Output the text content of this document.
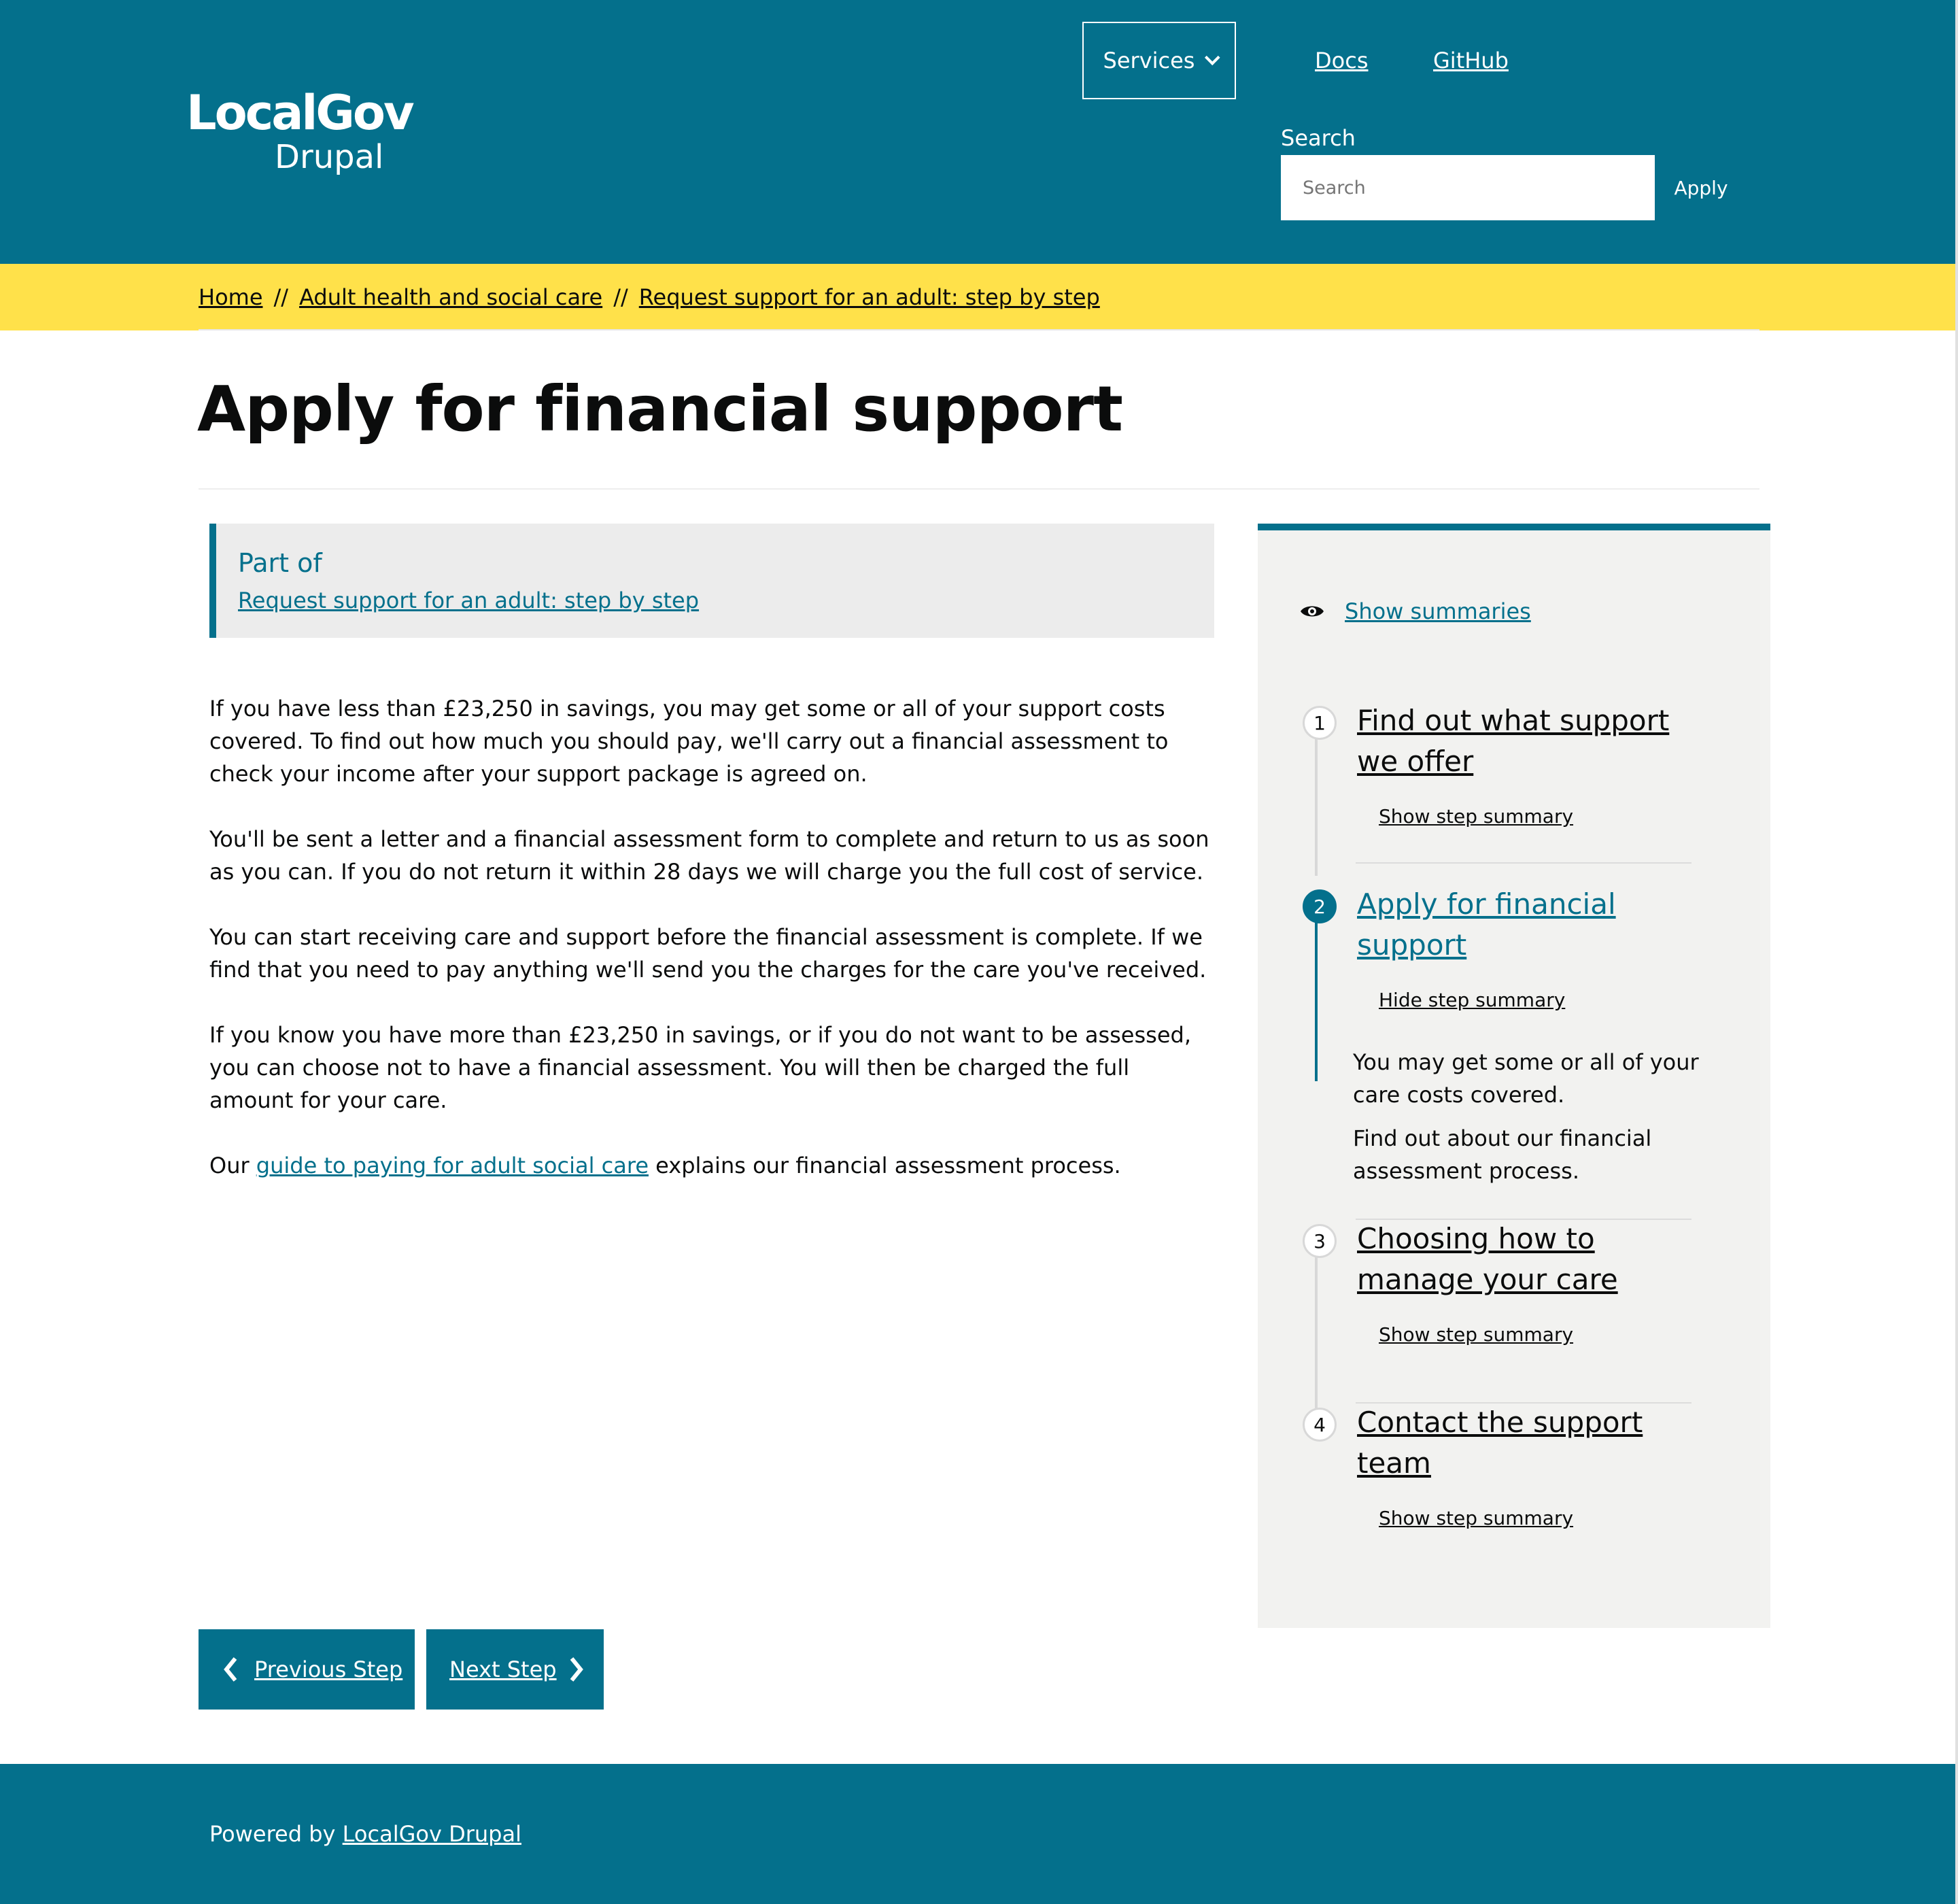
LocalGov
Drupal
Services	Docs	GitHub
Search
Search
Apply
Home // Adult health and social care // Request support for an adult: step by step
Apply for financial support
Part of
Request support for an adult: step by step

If you have less than £23,250 in savings, you may get some or all of your support costs covered. To find out how much you should pay, we'll carry out a financial assessment to check your income after your support package is agreed on.

You'll be sent a letter and a financial assessment form to complete and return to us as soon as you can. If you do not return it within 28 days we will charge you the full cost of service.

You can start receiving care and support before the financial assessment is complete. If we find that you need to pay anything we'll send you the charges for the care you've received.

If you know you have more than £23,250 in savings, or if you do not want to be assessed, you can choose not to have a financial assessment. You will then be charged the full amount for your care.

Our guide to paying for adult social care explains our financial assessment process.

Show summaries
1	Find out what support we offer
Show step summary
2	Apply for financial support
Hide step summary
3	Choosing how to manage your care
Show step summary
4	Contact the support team
Show step summary

You may get some or all of your care costs covered.

Find out about our financial assessment process.

Previous Step Next Step
Powered by LocalGov Drupal
